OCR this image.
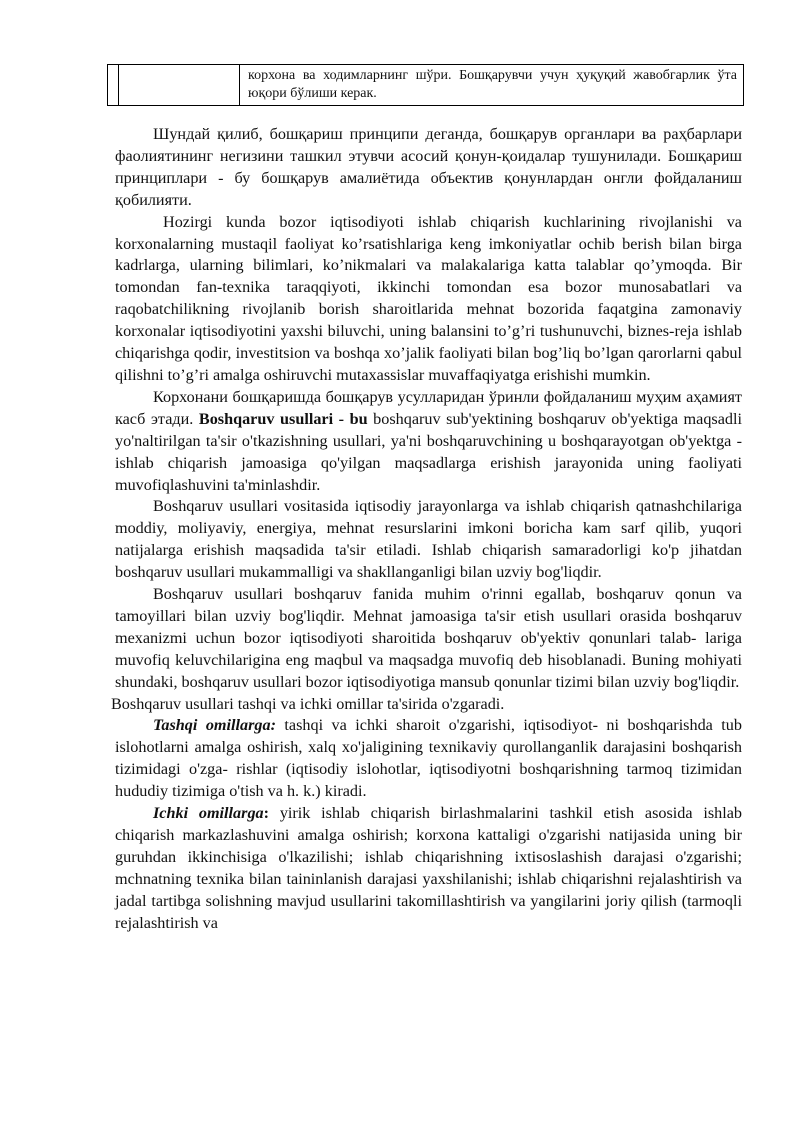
		корхона ва ходимларнинг шўри. Бошқарувчи учун ҳуқуқий жавобгарлик ўта юқори бўлиши керак.

Шундай қилиб, бошқариш принципи деганда, бошқарув органлари ва раҳбарлари фаолиятининг негизини ташкил этувчи асосий қонун-қоидалар тушунилади. Бошқариш принциплари - бу бошқарув амалиётида объектив қонунлардан онгли фойдаланиш қобилияти.

Hozirgi kunda bozor iqtisodiyoti ishlab chiqarish kuchlarining rivojlanishi va korxonalarning mustaqil faoliyat ko’rsatishlariga keng imkoniyatlar ochib berish bilan birga kadrlarga, ularning bilimlari, ko’nikmalari va malakalariga katta talablar qo’ymoqda. Bir tomondan fan-texnika taraqqiyoti, ikkinchi tomondan esa bozor munosabatlari va raqobatchilikning rivojlanib borish sharoitlarida mehnat bozorida faqatgina zamonaviy korxonalar iqtisodiyotini yaxshi biluvchi, uning balansini to’g’ri tushunuvchi, biznes-reja ishlab chiqarishga qodir, investitsion va boshqa xo’jalik faoliyati bilan bog’liq bo’lgan qarorlarni qabul qilishni to’g’ri amalga oshiruvchi mutaxassislar muvaffaqiyatga erishishi mumkin.

Корхонани бошқаришда бошқарув усулларидан ўринли фойдаланиш муҳим аҳамият касб этади. Boshqaruv usullari - bu boshqaruv sub'yektining boshqaruv ob'yektiga maqsadli yo'naltirilgan ta'sir o'tkazishning usullari, ya'ni boshqaruvchining u boshqarayotgan ob'yektga - ishlab chiqarish jamoasiga qo'yilgan maqsadlarga erishish jarayonida uning faoliyati muvofiqlashuvini ta'minlashdir.

Boshqaruv usullari vositasida iqtisodiy jarayonlarga va ishlab chiqarish qatnashchilariga moddiy, moliyaviy, energiya, mehnat resurslarini imkoni boricha kam sarf qilib, yuqori natijalarga erishish maqsadida ta'sir etiladi. Ishlab chiqarish samaradorligi ko'p jihatdan boshqaruv usullari mukammalligi va shakllanganligi bilan uzviy bog'liqdir.

Boshqaruv usullari boshqaruv fanida muhim o'rinni egallab, boshqaruv qonun va tamoyillari bilan uzviy bog'liqdir. Mehnat jamoasiga ta'sir etish usullari orasida boshqaruv mexanizmi uchun bozor iqtisodiyoti sharoitida boshqaruv ob'yektiv qonunlari talab- lariga muvofiq keluvchilarigina eng maqbul va maqsadga muvofiq deb hisoblanadi. Buning mohiyati shundaki, boshqaruv usullari bozor iqtisodiyotiga mansub qonunlar tizimi bilan uzviy bog'liqdir.

Boshqaruv usullari tashqi va ichki omillar ta'sirida o'zgaradi.

Tashqi omillarga: tashqi va ichki sharoit o'zgarishi, iqtisodiyot- ni boshqarishda tub islohotlarni amalga oshirish, xalq xo'jaligining texnikaviy qurollanganlik darajasini boshqarish tizimidagi o'zga- rishlar (iqtisodiy islohotlar, iqtisodiyotni boshqarishning tarmoq tizimidan hududiy tizimiga o'tish va h. k.) kiradi.

Ichki omillarga: yirik ishlab chiqarish birlashmalarini tashkil etish asosida ishlab chiqarish markazlashuvini amalga oshirish; korxona kattaligi o'zgarishi natijasida uning bir guruhdan ikkinchisiga o'lkazilishi; ishlab chiqarishning ixtisoslashish darajasi o'zgarishi; mchnatning texnika bilan taininlanish darajasi yaxshilanishi; ishlab chiqarishni rejalashtirish va jadal tartibga solishning mavjud usullarini takomillashtirish va yangilarini joriy qilish (tarmoqli rejalashtirish va
